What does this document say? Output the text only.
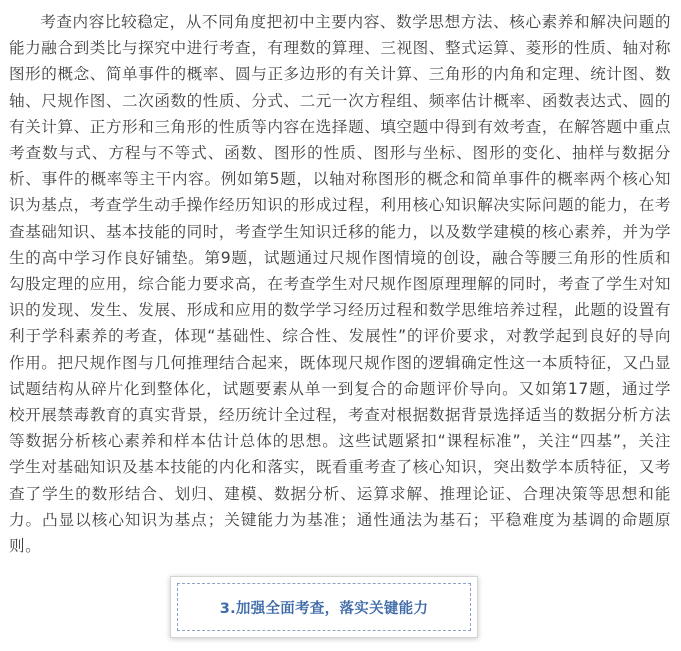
考查内容比较稳定，从不同角度把初中主要内容、数学思想方法、核心素养和解决问题的能力融合到类比与探究中进行考查，有理数的算理、三视图、整式运算、菱形的性质、轴对称图形的概念、简单事件的概率、圆与正多边形的有关计算、三角形的内角和定理、统计图、数轴、尺规作图、二次函数的性质、分式、二元一次方程组、频率估计概率、函数表达式、圆的有关计算、正方形和三角形的性质等内容在选择题、填空题中得到有效考查，在解答题中重点考查数与式、方程与不等式、函数、图形的性质、图形与坐标、图形的变化、抽样与数据分析、事件的概率等主干内容。例如第5题，以轴对称图形的概念和简单事件的概率两个核心知识为基点，考查学生动手操作经历知识的形成过程，利用核心知识解决实际问题的能力，在考查基础知识、基本技能的同时，考查学生知识迁移的能力，以及数学建模的核心素养，并为学生的高中学习作良好铺垫。第9题，试题通过尺规作图情境的创设，融合等腰三角形的性质和勾股定理的应用，综合能力要求高，在考查学生对尺规作图原理理解的同时，考查了学生对知识的发现、发生、发展、形成和应用的数学学习经历过程和数学思维培养过程，此题的设置有利于学科素养的考查，体现“基础性、综合性、发展性”的评价要求，对教学起到良好的导向作用。把尺规作图与几何推理结合起来，既体现尺规作图的逻辑确定性这一本质特征，又凸显试题结构从碎片化到整体化，试题要素从单一到复合的命题评价导向。又如第17题，通过学校开展禁毒教育的真实背景，经历统计全过程，考查对根据数据背景选择适当的数据分析方法等数据分析核心素养和样本估计总体的思想。这些试题紧扣“课程标准”，关注“四基”，关注学生对基础知识及基本技能的内化和落实，既看重考查了核心知识，突出数学本质特征，又考查了学生的数形结合、划归、建模、数据分析、运算求解、推理论证、合理决策等思想和能力。凸显以核心知识为基点；关键能力为基准；通性通法为基石；平稳难度为基调的命题原则。

3.加强全面考查，落实关键能力
